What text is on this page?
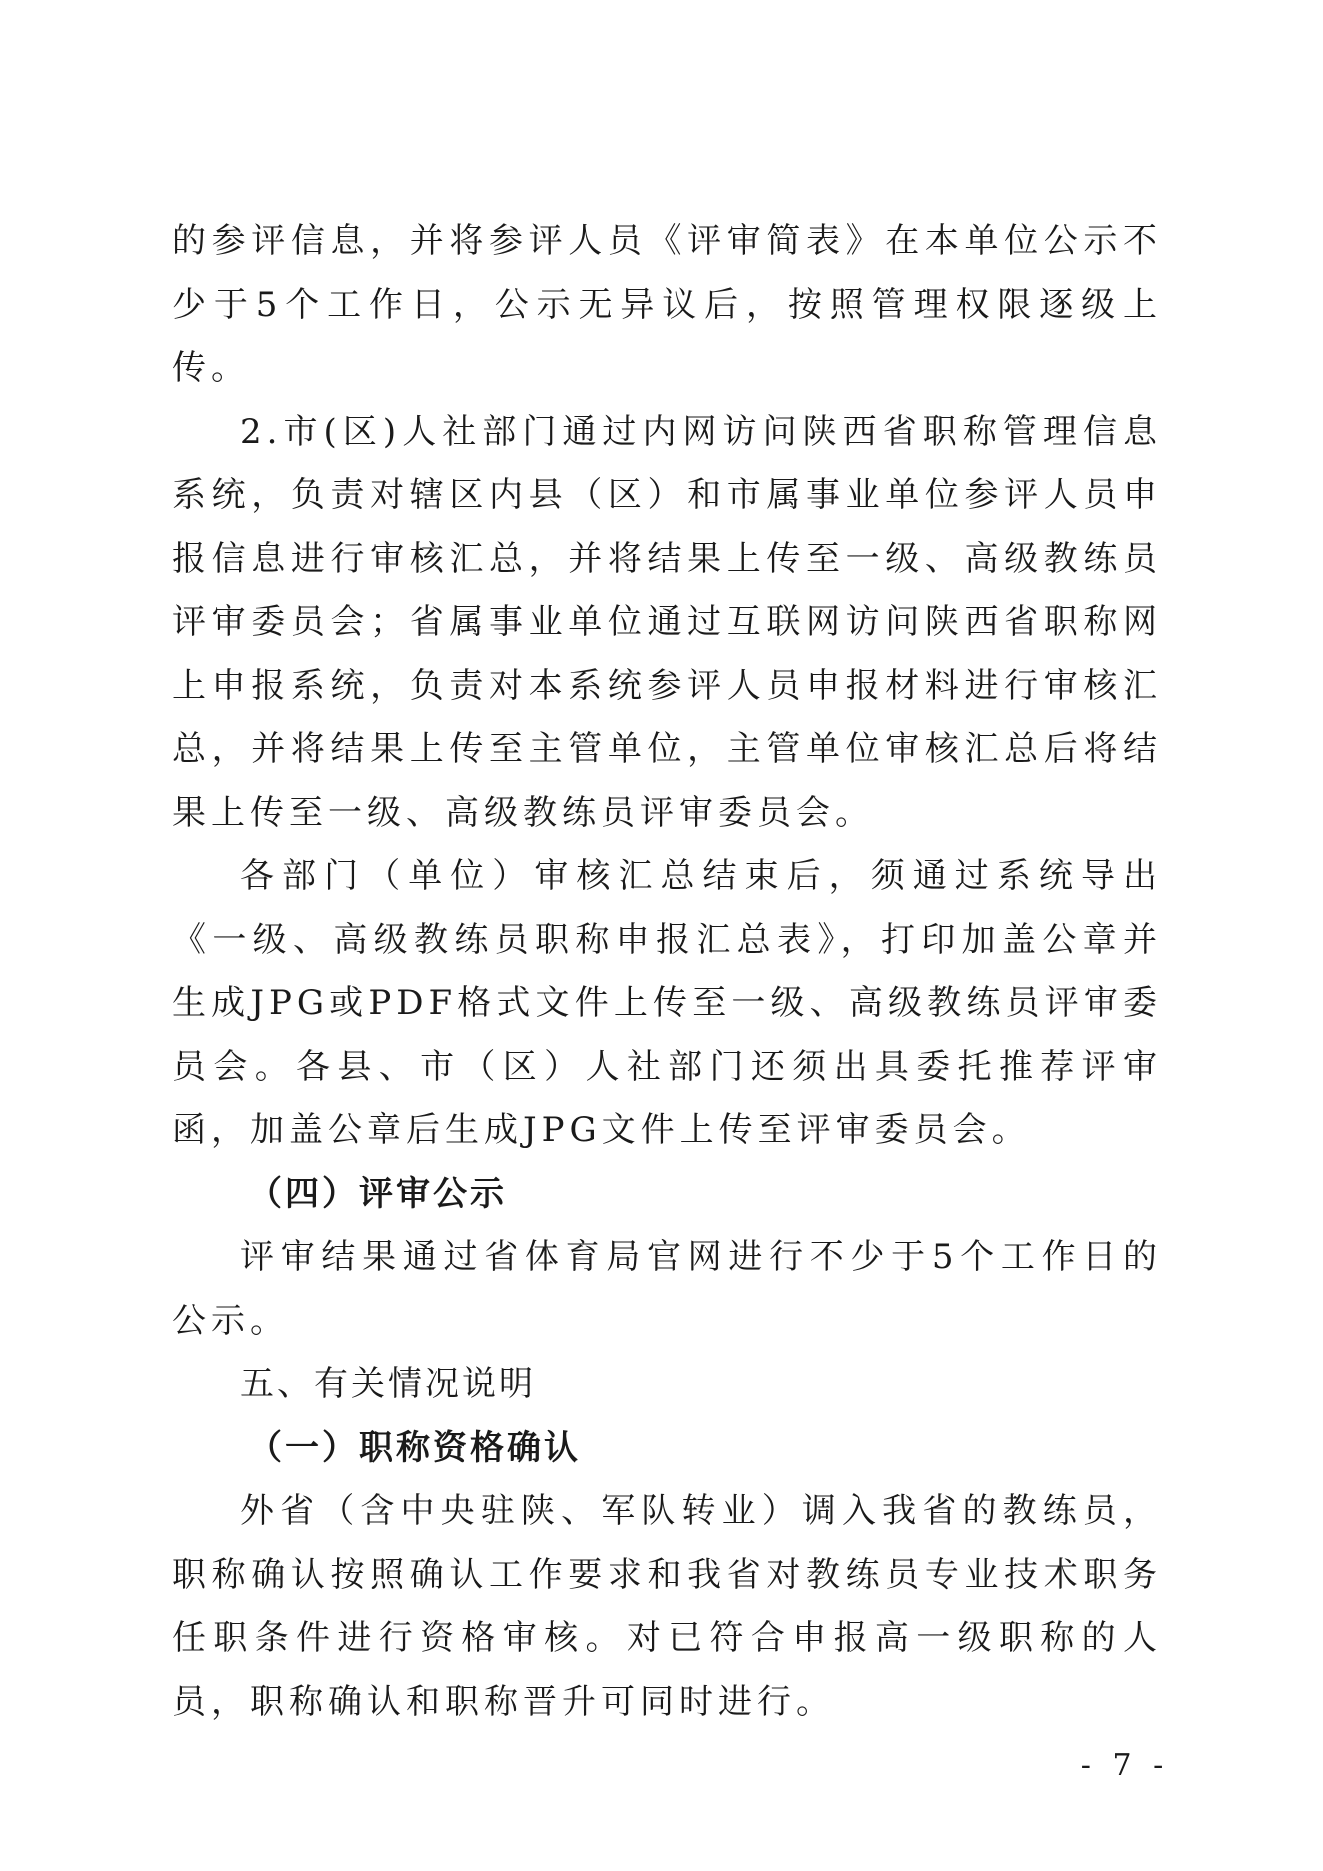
的参评信息，并将参评人员《评审简表》在本单位公示不少于5个工作日，公示无异议后，按照管理权限逐级上传。

2.市(区)人社部门通过内网访问陕西省职称管理信息系统，负责对辖区内县（区）和市属事业单位参评人员申报信息进行审核汇总，并将结果上传至一级、高级教练员评审委员会；省属事业单位通过互联网访问陕西省职称网上申报系统，负责对本系统参评人员申报材料进行审核汇总，并将结果上传至主管单位，主管单位审核汇总后将结果上传至一级、高级教练员评审委员会。

各部门（单位）审核汇总结束后，须通过系统导出《一级、高级教练员职称申报汇总表》，打印加盖公章并生成JPG或PDF格式文件上传至一级、高级教练员评审委员会。各县、市（区）人社部门还须出具委托推荐评审函，加盖公章后生成JPG文件上传至评审委员会。

（四）评审公示

评审结果通过省体育局官网进行不少于5个工作日的公示。

五、有关情况说明

（一）职称资格确认

外省（含中央驻陕、军队转业）调入我省的教练员，职称确认按照确认工作要求和我省对教练员专业技术职务任职条件进行资格审核。对已符合申报高一级职称的人员，职称确认和职称晋升可同时进行。

- 7 -
